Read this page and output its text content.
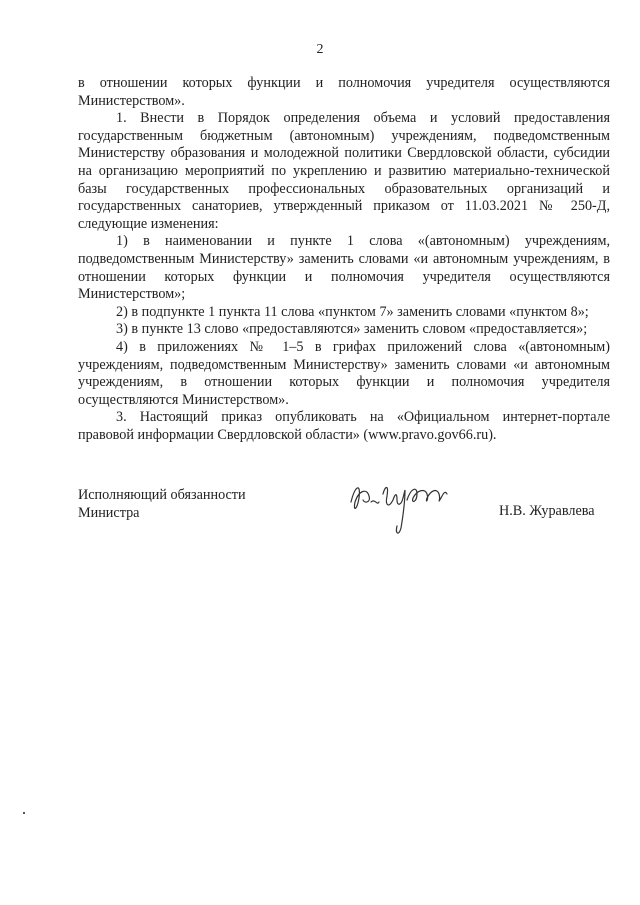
2

в отношении которых функции и полномочия учредителя осуществляются Министерством».

1. Внести в Порядок определения объема и условий предоставления государственным бюджетным (автономным) учреждениям, подведомственным Министерству образования и молодежной политики Свердловской области, субсидии на организацию мероприятий по укреплению и развитию материально-технической базы государственных профессиональных образовательных организаций и государственных санаториев, утвержденный приказом от 11.03.2021 № 250-Д, следующие изменения:

1) в наименовании и пункте 1 слова «(автономным) учреждениям, подведомственным Министерству» заменить словами «и автономным учреждениям, в отношении которых функции и полномочия учредителя осуществляются Министерством»;

2) в подпункте 1 пункта 11 слова «пунктом 7» заменить словами «пунктом 8»;

3) в пункте 13 слово «предоставляются» заменить словом «предоставляется»;

4) в приложениях № 1–5 в грифах приложений слова «(автономным) учреждениям, подведомственным Министерству» заменить словами «и автономным учреждениям, в отношении которых функции и полномочия учредителя осуществляются Министерством».

3. Настоящий приказ опубликовать на «Официальном интернет-портале правовой информации Свердловской области» (www.pravo.gov66.ru).

Исполняющий обязанности
Министра	Н.В. Журавлева
